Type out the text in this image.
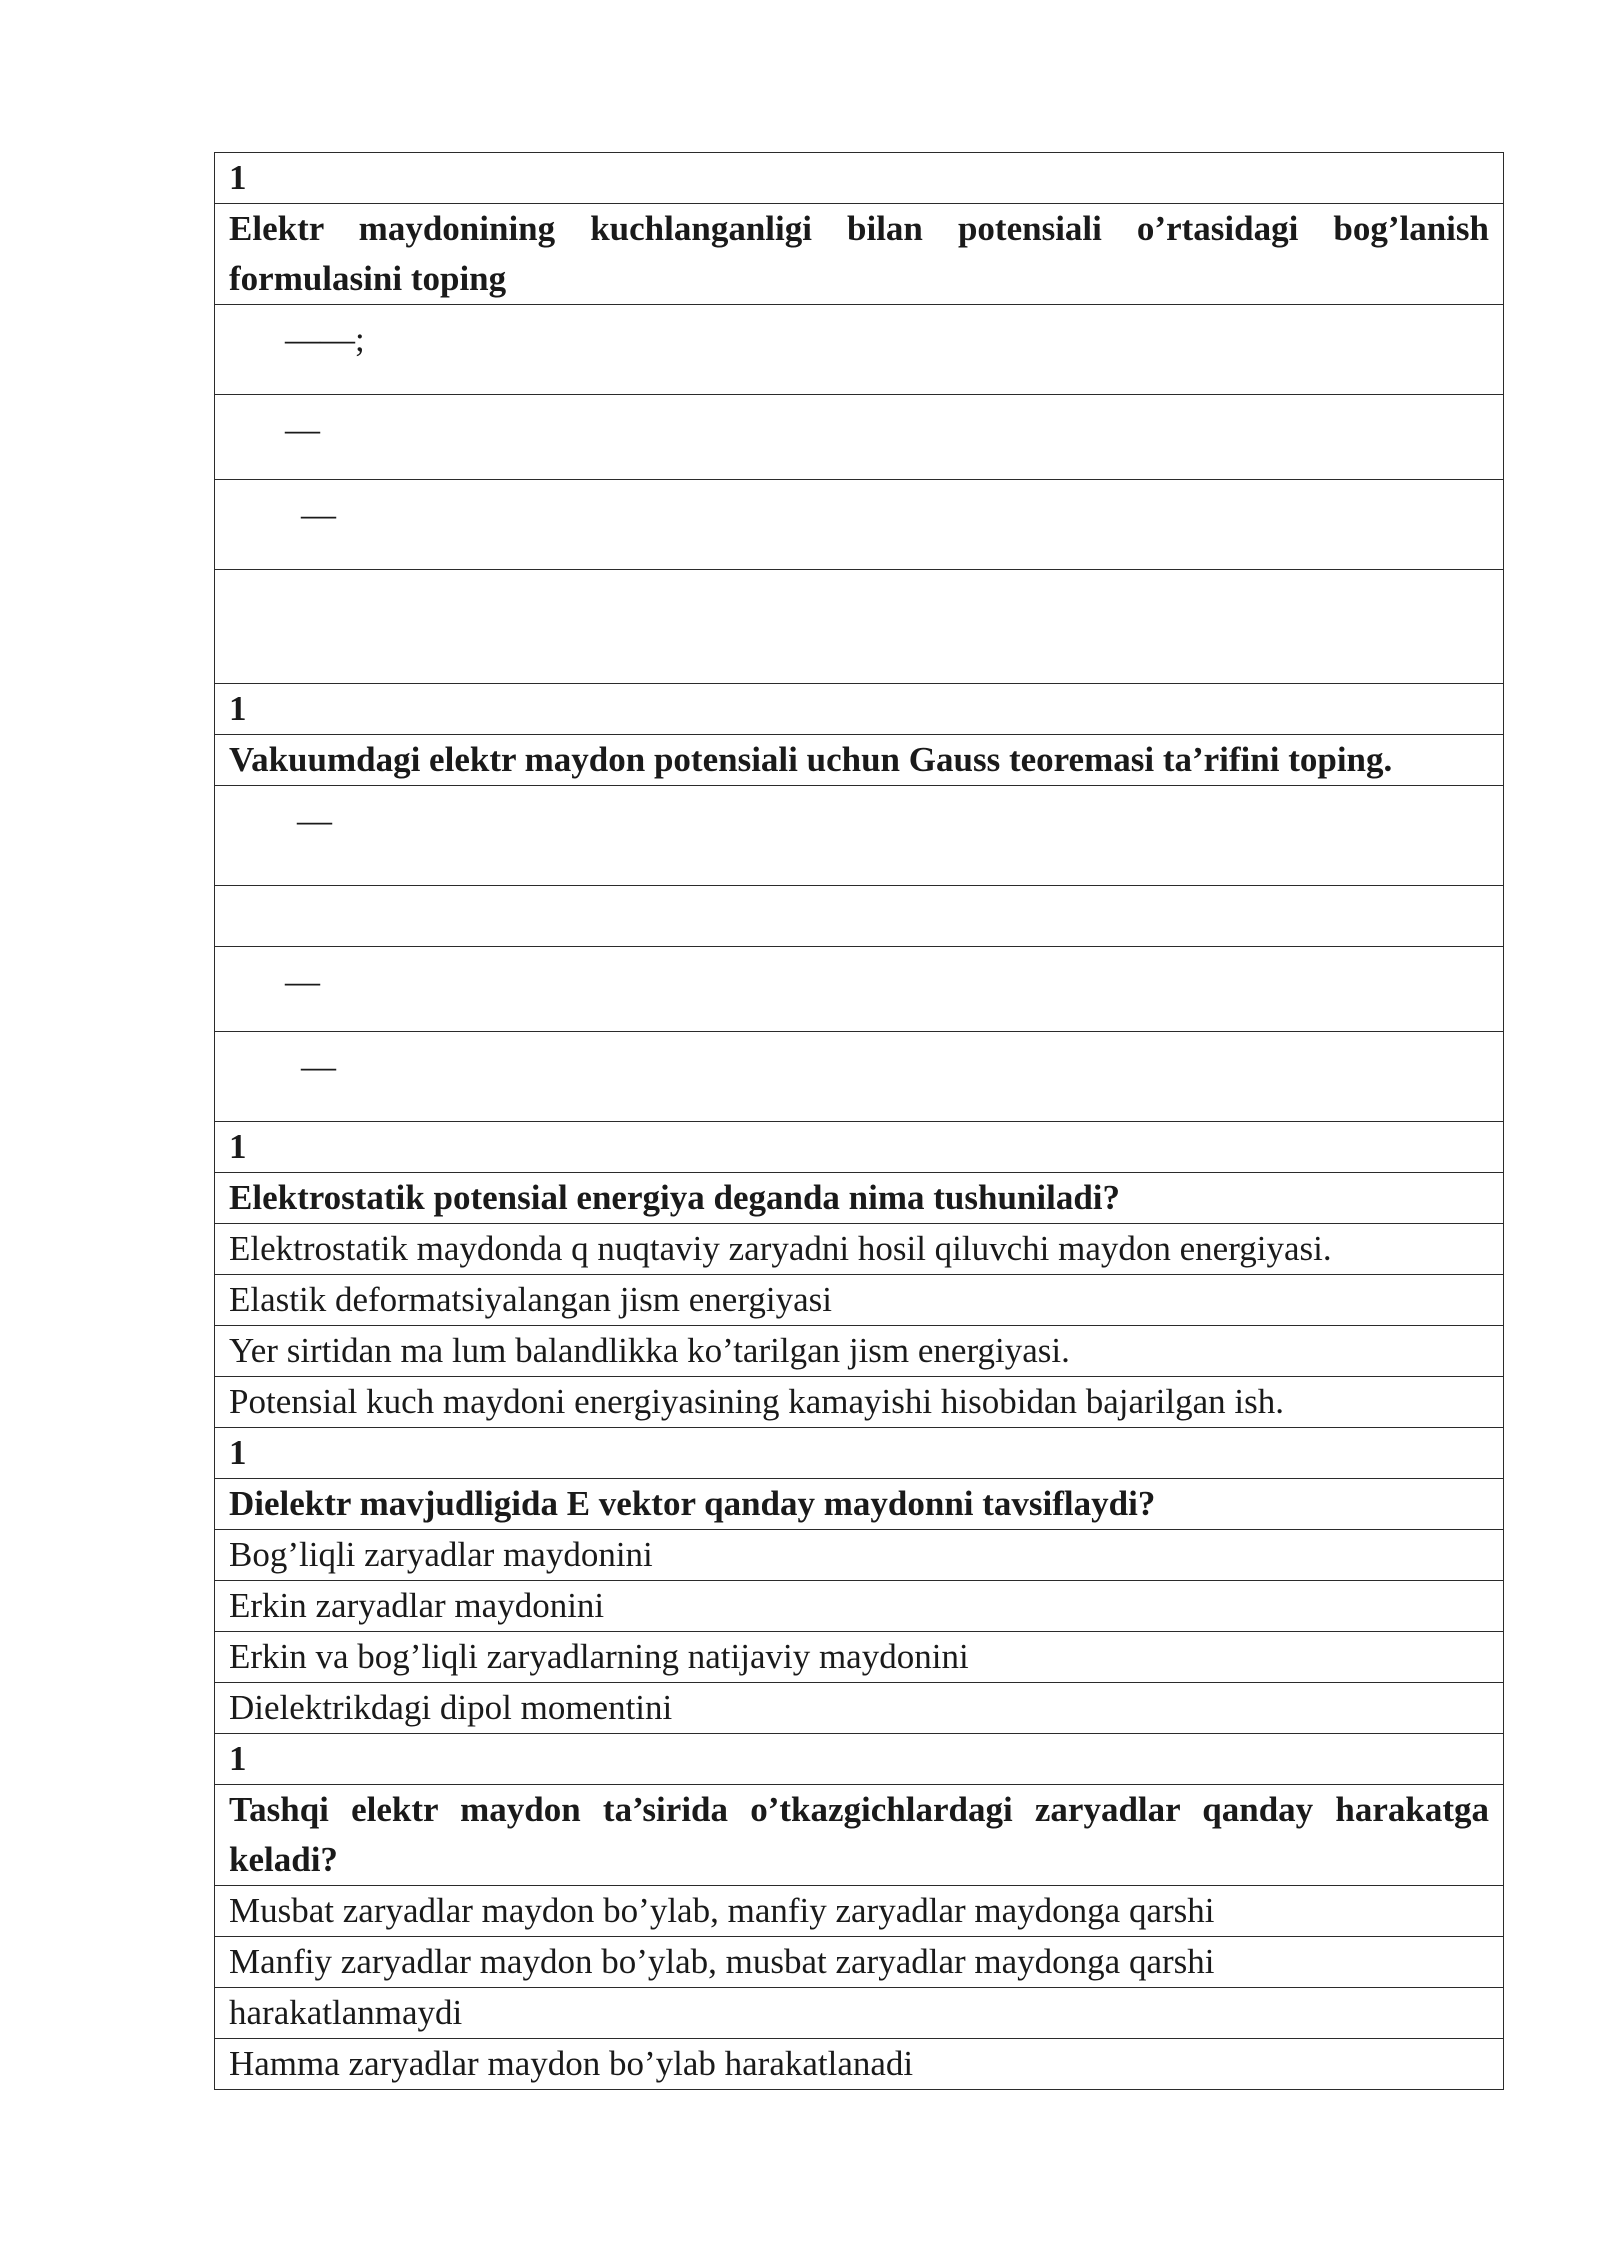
1
Elektr maydonining kuchlanganligi bilan potensiali o’rtasidagi bog’lanish formulasini toping
——;
—
—

1
Vakuumdagi elektr maydon potensiali uchun Gauss teoremasi ta’rifini toping.
—

—
—
1
Elektrostatik potensial energiya deganda nima tushuniladi?
Elektrostatik maydonda q nuqtaviy zaryadni hosil qiluvchi maydon energiyasi.
Elastik deformatsiyalangan jism energiyasi
Yer sirtidan ma lum balandlikka ko’tarilgan jism energiyasi.
Potensial kuch maydoni energiyasining kamayishi hisobidan bajarilgan ish.
1
Dielektr mavjudligida E vektor qanday maydonni tavsiflaydi?
Bog’liqli zaryadlar maydonini
Erkin zaryadlar maydonini
Erkin va bog’liqli zaryadlarning natijaviy maydonini
Dielektrikdagi dipol momentini
1
Tashqi elektr maydon ta’sirida o’tkazgichlardagi zaryadlar qanday harakatga keladi?
Musbat zaryadlar maydon bo’ylab, manfiy zaryadlar maydonga qarshi
Manfiy zaryadlar maydon bo’ylab, musbat zaryadlar maydonga qarshi
harakatlanmaydi
Hamma zaryadlar maydon bo’ylab harakatlanadi
